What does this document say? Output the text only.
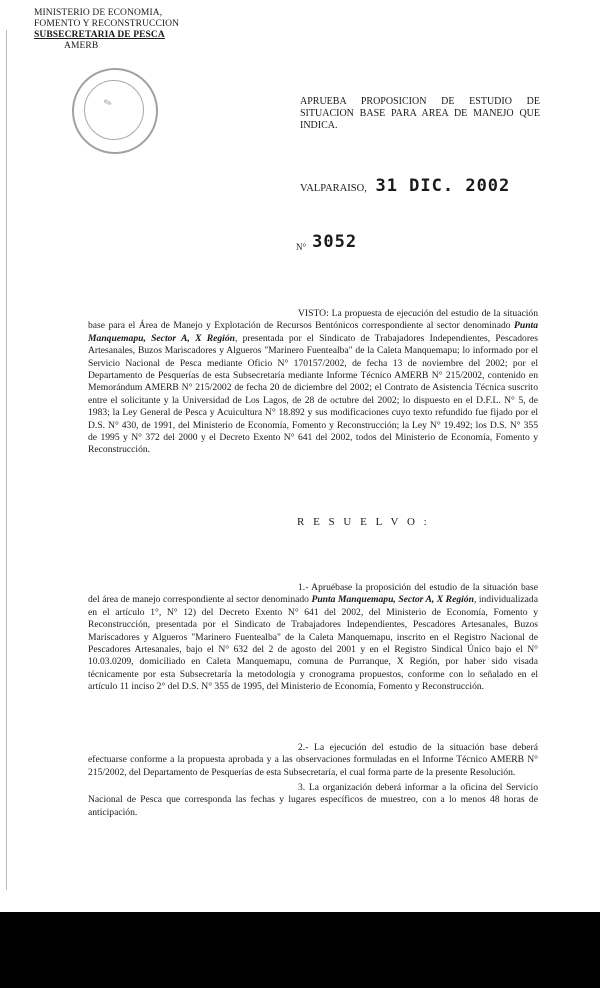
MINISTERIO DE ECONOMIA,
FOMENTO Y RECONSTRUCCION
SUBSECRETARIA DE PESCA
AMERB
✎	APRUEBA PROPOSICION DE ESTUDIO DE SITUACION BASE PARA AREA DE MANEJO QUE INDICA.
VALPARAISO, 31 DIC. 2002
N° 3052
VISTO: La propuesta de ejecución del estudio de la situación base para el Área de Manejo y Explotación de Recursos Bentónicos correspondiente al sector denominado Punta Manquemapu, Sector A, X Región, presentada por el Sindicato de Trabajadores Independientes, Pescadores Artesanales, Buzos Mariscadores y Algueros "Marinero Fuentealba" de la Caleta Manquemapu; lo informado por el Servicio Nacional de Pesca mediante Oficio N° 170157/2002, de fecha 13 de noviembre del 2002; por el Departamento de Pesquerías de esta Subsecretaría mediante Informe Técnico AMERB N° 215/2002, contenido en Memorándum AMERB N° 215/2002 de fecha 20 de diciembre del 2002; el Contrato de Asistencia Técnica suscrito entre el solicitante y la Universidad de Los Lagos, de 28 de octubre del 2002; lo dispuesto en el D.F.L. N° 5, de 1983; la Ley General de Pesca y Acuicultura N° 18.892 y sus modificaciones cuyo texto refundido fue fijado por el D.S. N° 430, de 1991, del Ministerio de Economía, Fomento y Reconstrucción; la Ley N° 19.492; los D.S. N° 355 de 1995 y N° 372 del 2000 y el Decreto Exento N° 641 del 2002, todos del Ministerio de Economía, Fomento y Reconstrucción.
R E S U E L V O :
1.- Apruébase la proposición del estudio de la situación base del área de manejo correspondiente al sector denominado Punta Manquemapu, Sector A, X Región, individualizada en el artículo 1°, N° 12) del Decreto Exento N° 641 del 2002, del Ministerio de Economía, Fomento y Reconstrucción, presentada por el Sindicato de Trabajadores Independientes, Pescadores Artesanales, Buzos Mariscadores y Algueros "Marinero Fuentealba" de la Caleta Manquemapu, inscrito en el Registro Nacional de Pescadores Artesanales, bajo el N° 632 del 2 de agosto del 2001 y en el Registro Sindical Único bajo el N° 10.03.0209, domiciliado en Caleta Manquemapu, comuna de Purranque, X Región, por haber sido visada técnicamente por esta Subsecretaría la metodología y cronograma propuestos, conforme con lo señalado en el artículo 11 inciso 2° del D.S. N° 355 de 1995, del Ministerio de Economía, Fomento y Reconstrucción.
2.- La ejecución del estudio de la situación base deberá efectuarse conforme a la propuesta aprobada y a las observaciones formuladas en el Informe Técnico AMERB N° 215/2002, del Departamento de Pesquerías de esta Subsecretaría, el cual forma parte de la presente Resolución.
3. La organización deberá informar a la oficina del Servicio Nacional de Pesca que corresponda las fechas y lugares específicos de muestreo, con a lo menos 48 horas de anticipación.
